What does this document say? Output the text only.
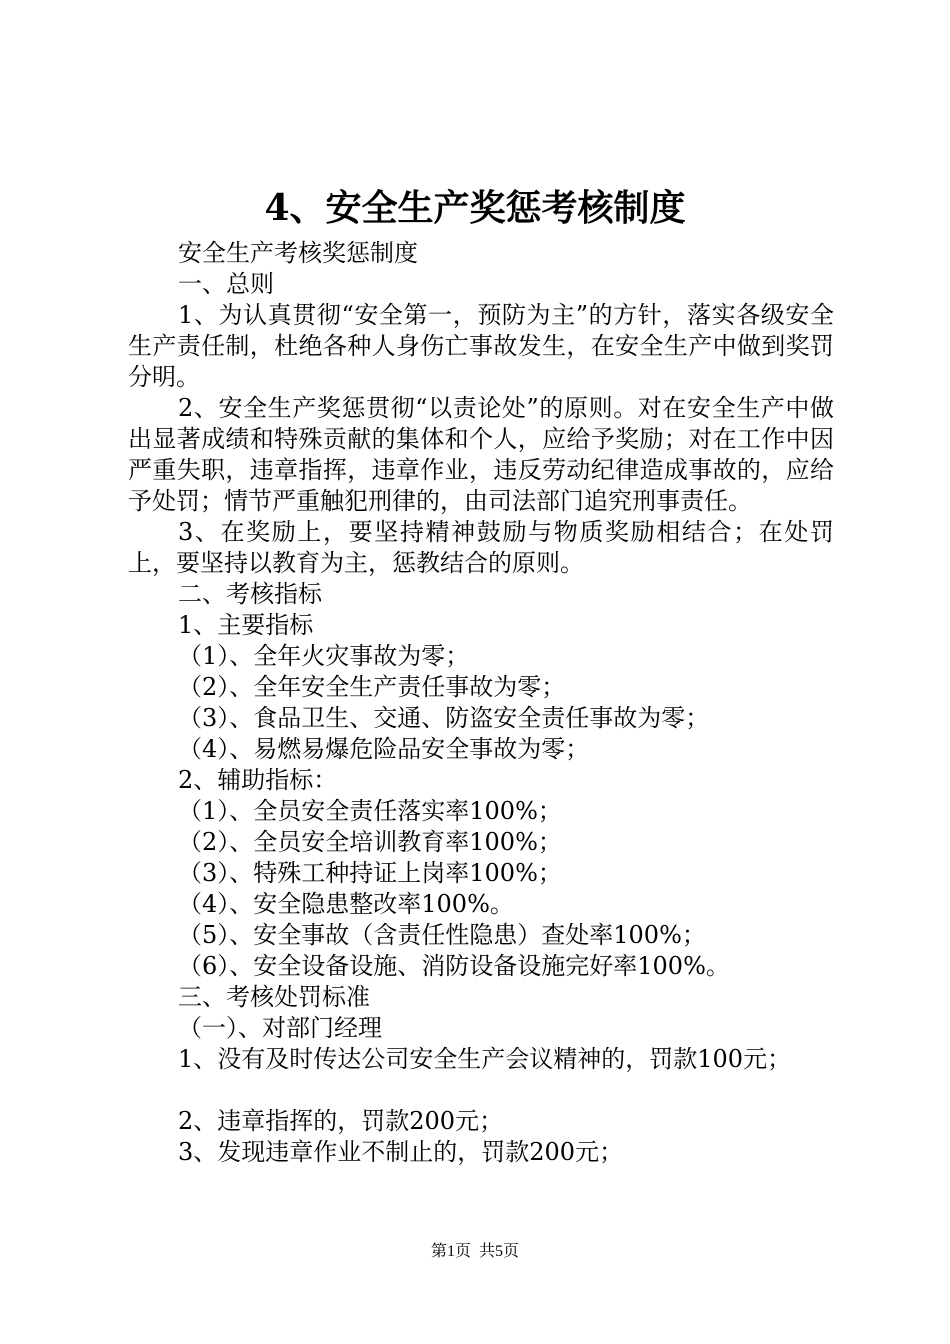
4、安全生产奖惩考核制度

安全生产考核奖惩制度

一、总则

1、为认真贯彻“安全第一，预防为主”的方针，落实各级安全生产责任制，杜绝各种人身伤亡事故发生，在安全生产中做到奖罚分明。

2、安全生产奖惩贯彻“以责论处”的原则。对在安全生产中做出显著成绩和特殊贡献的集体和个人，应给予奖励；对在工作中因严重失职，违章指挥，违章作业，违反劳动纪律造成事故的，应给予处罚；情节严重触犯刑律的，由司法部门追究刑事责任。

3、在奖励上，要坚持精神鼓励与物质奖励相结合；在处罚上，要坚持以教育为主，惩教结合的原则。

二、考核指标

1、主要指标

（1）、全年火灾事故为零；

（2）、全年安全生产责任事故为零；

（3）、食品卫生、交通、防盗安全责任事故为零；

（4）、易燃易爆危险品安全事故为零；

2、辅助指标：

（1）、全员安全责任落实率100%；

（2）、全员安全培训教育率100%；

（3）、特殊工种持证上岗率100%；

（4）、安全隐患整改率100%。

（5）、安全事故（含责任性隐患）查处率100%；

（6）、安全设备设施、消防设备设施完好率100%。

三、考核处罚标准

（一）、对部门经理

1、没有及时传达公司安全生产会议精神的，罚款100元；

2、违章指挥的，罚款200元；

3、发现违章作业不制止的，罚款200元；

第1页  共5页
